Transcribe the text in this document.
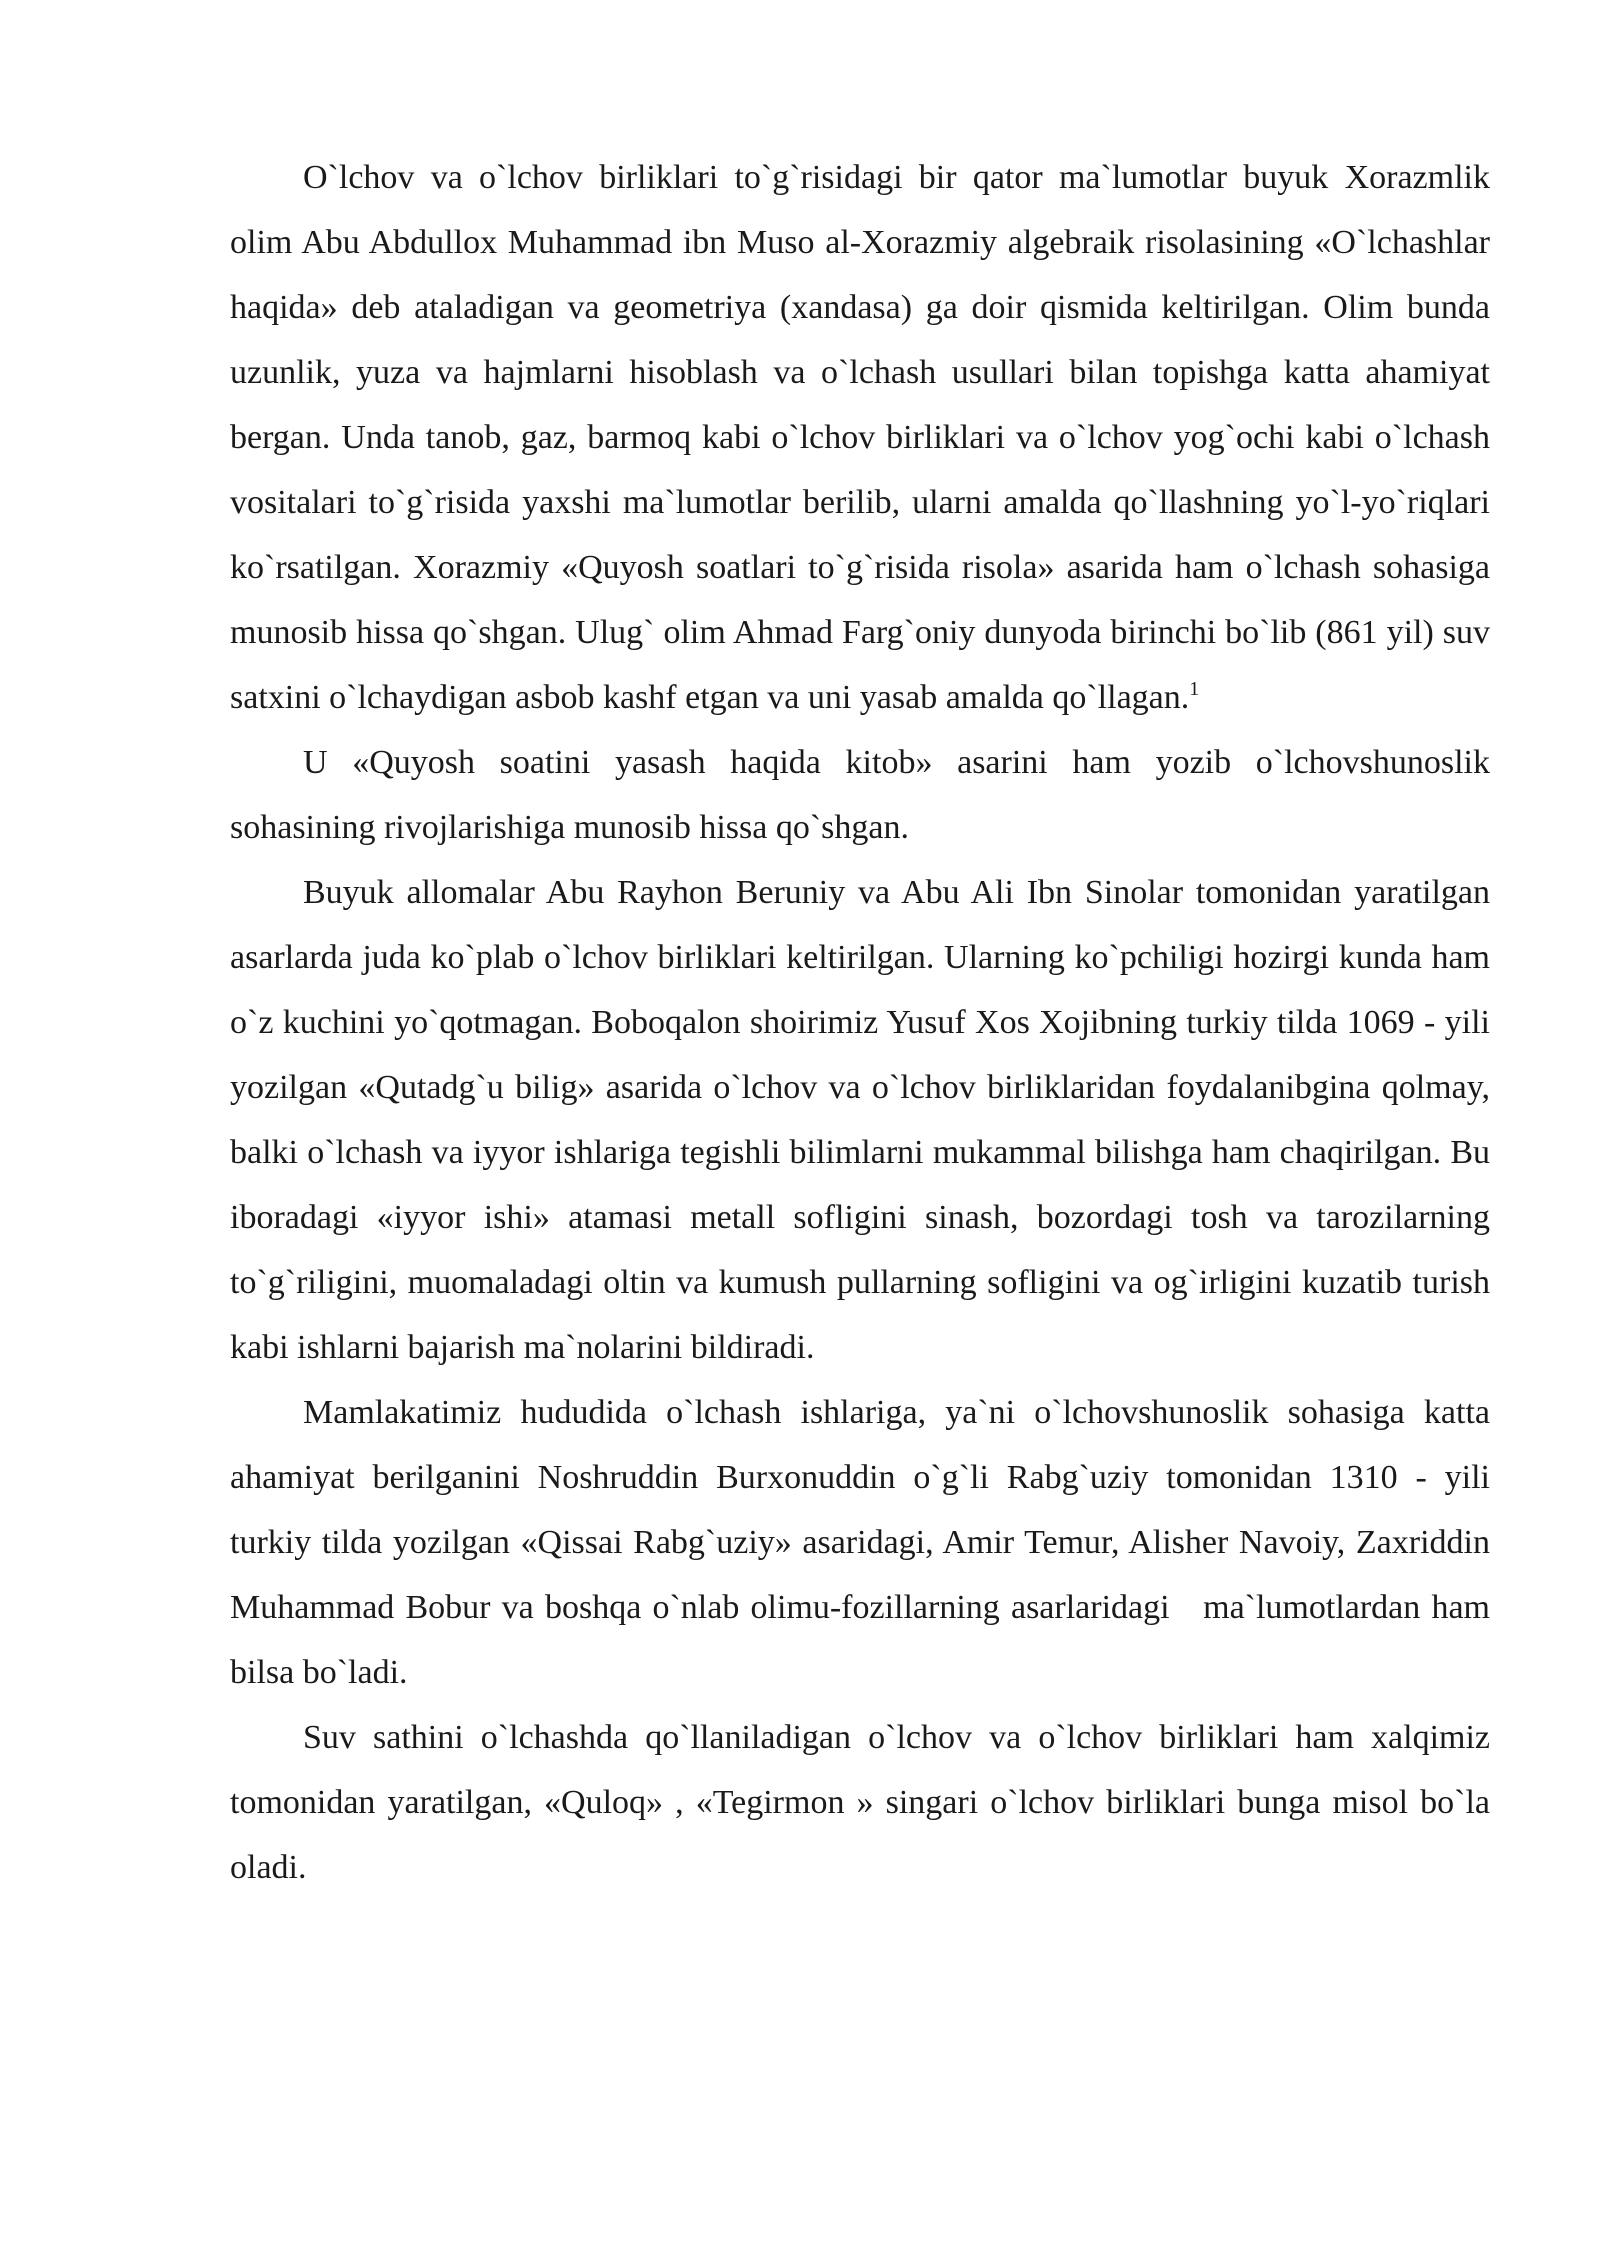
O`lchov va o`lchov birliklari to`g`risidagi bir qator ma`lumotlar buyuk Xorazmlik olim Abu Abdullox Muhammad ibn Muso al-Xorazmiy algebraik risolasining «O`lchashlar haqida» deb ataladigan va geometriya (xandasa) ga doir qismida keltirilgan. Olim bunda uzunlik, yuza va hajmlarni hisoblash va o`lchash usullari bilan topishga katta ahamiyat bergan. Unda tanob, gaz, barmoq kabi o`lchov birliklari va o`lchov yog`ochi kabi o`lchash vositalari to`g`risida yaxshi ma`lumotlar berilib, ularni amalda qo`llashning yo`l-yo`riqlari ko`rsatilgan. Xorazmiy «Quyosh soatlari to`g`risida risola» asarida ham o`lchash sohasiga munosib hissa qo`shgan. Ulug` olim Ahmad Farg`oniy dunyoda birinchi bo`lib (861 yil) suv satxini o`lchaydigan asbob kashf etgan va uni yasab amalda qo`llagan.$^1$

U «Quyosh soatini yasash haqida kitob» asarini ham yozib o`lchovshunoslik sohasining rivojlarishiga munosib hissa qo`shgan.

Buyuk allomalar Abu Rayhon Beruniy va Abu Ali Ibn Sinolar tomonidan yaratilgan asarlarda juda ko`plab o`lchov birliklari keltirilgan. Ularning ko`pchiligi hozirgi kunda ham o`z kuchini yo`qotmagan. Boboqalon shoirimiz Yusuf Xos Xojibning turkiy tilda 1069 - yili yozilgan «Qutadg`u bilig» asarida o`lchov va o`lchov birliklaridan foydalanibgina qolmay, balki o`lchash va iyyor ishlariga tegishli bilimlarni mukammal bilishga ham chaqirilgan. Bu iboradagi «iyyor ishi» atamasi metall sofligini sinash, bozordagi tosh va tarozilarning to`g`riligini, muomaladagi oltin va kumush pullarning sofligini va og`irligini kuzatib turish kabi ishlarni bajarish ma`nolarini bildiradi.

Mamlakatimiz hududida o`lchash ishlariga, ya`ni o`lchovshunoslik sohasiga katta ahamiyat berilganini Noshruddin Burxonuddin o`g`li Rabg`uziy tomonidan 1310 - yili turkiy tilda yozilgan «Qissai Rabg`uziy» asaridagi, Amir Temur, Alisher Navoiy, Zaxriddin Muhammad Bobur va boshqa o`nlab olimu-fozillarning asarlaridagi   ma`lumotlardan ham bilsa bo`ladi.

Suv sathini o`lchashda qo`llaniladigan o`lchov va o`lchov birliklari ham xalqimiz tomonidan yaratilgan, «Quloq» , «Tegirmon » singari o`lchov birliklari bunga misol bo`la oladi.
